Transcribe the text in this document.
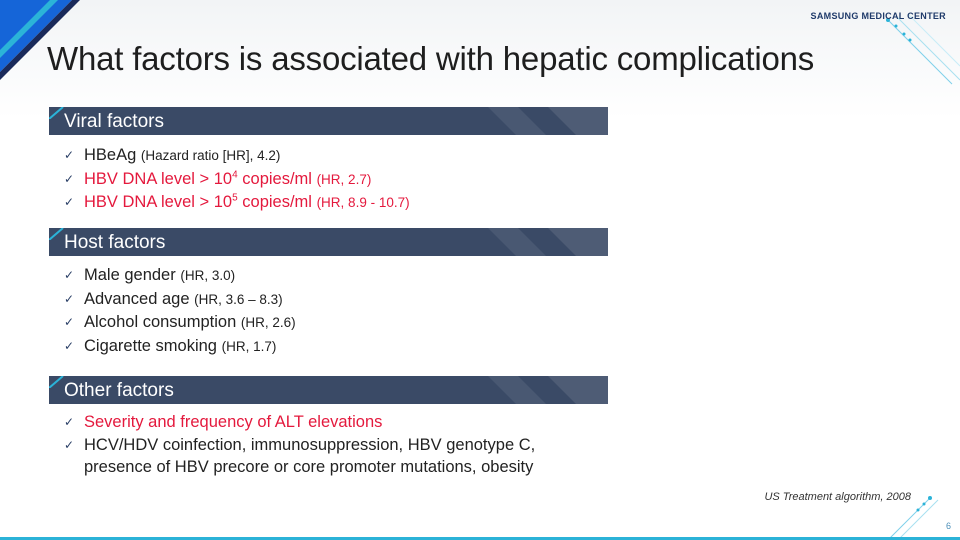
SAMSUNG MEDICAL CENTER
What factors is associated with hepatic complications
Viral factors
✓ HBeAg (Hazard ratio [HR], 4.2)
✓ HBV DNA level > $10^4$ copies/ml (HR, 2.7)
✓ HBV DNA level > $10^5$ copies/ml (HR, 8.9 - 10.7)
Host factors
✓ Male gender (HR, 3.0)
✓ Advanced age (HR, 3.6 – 8.3)
✓ Alcohol consumption (HR, 2.6)
✓ Cigarette smoking (HR, 1.7)
Other factors
✓ Severity and frequency of ALT elevations
✓ HCV/HDV coinfection, immunosuppression, HBV genotype C,
presence of HBV precore or core promoter mutations, obesity
US Treatment algorithm, 2008
6
